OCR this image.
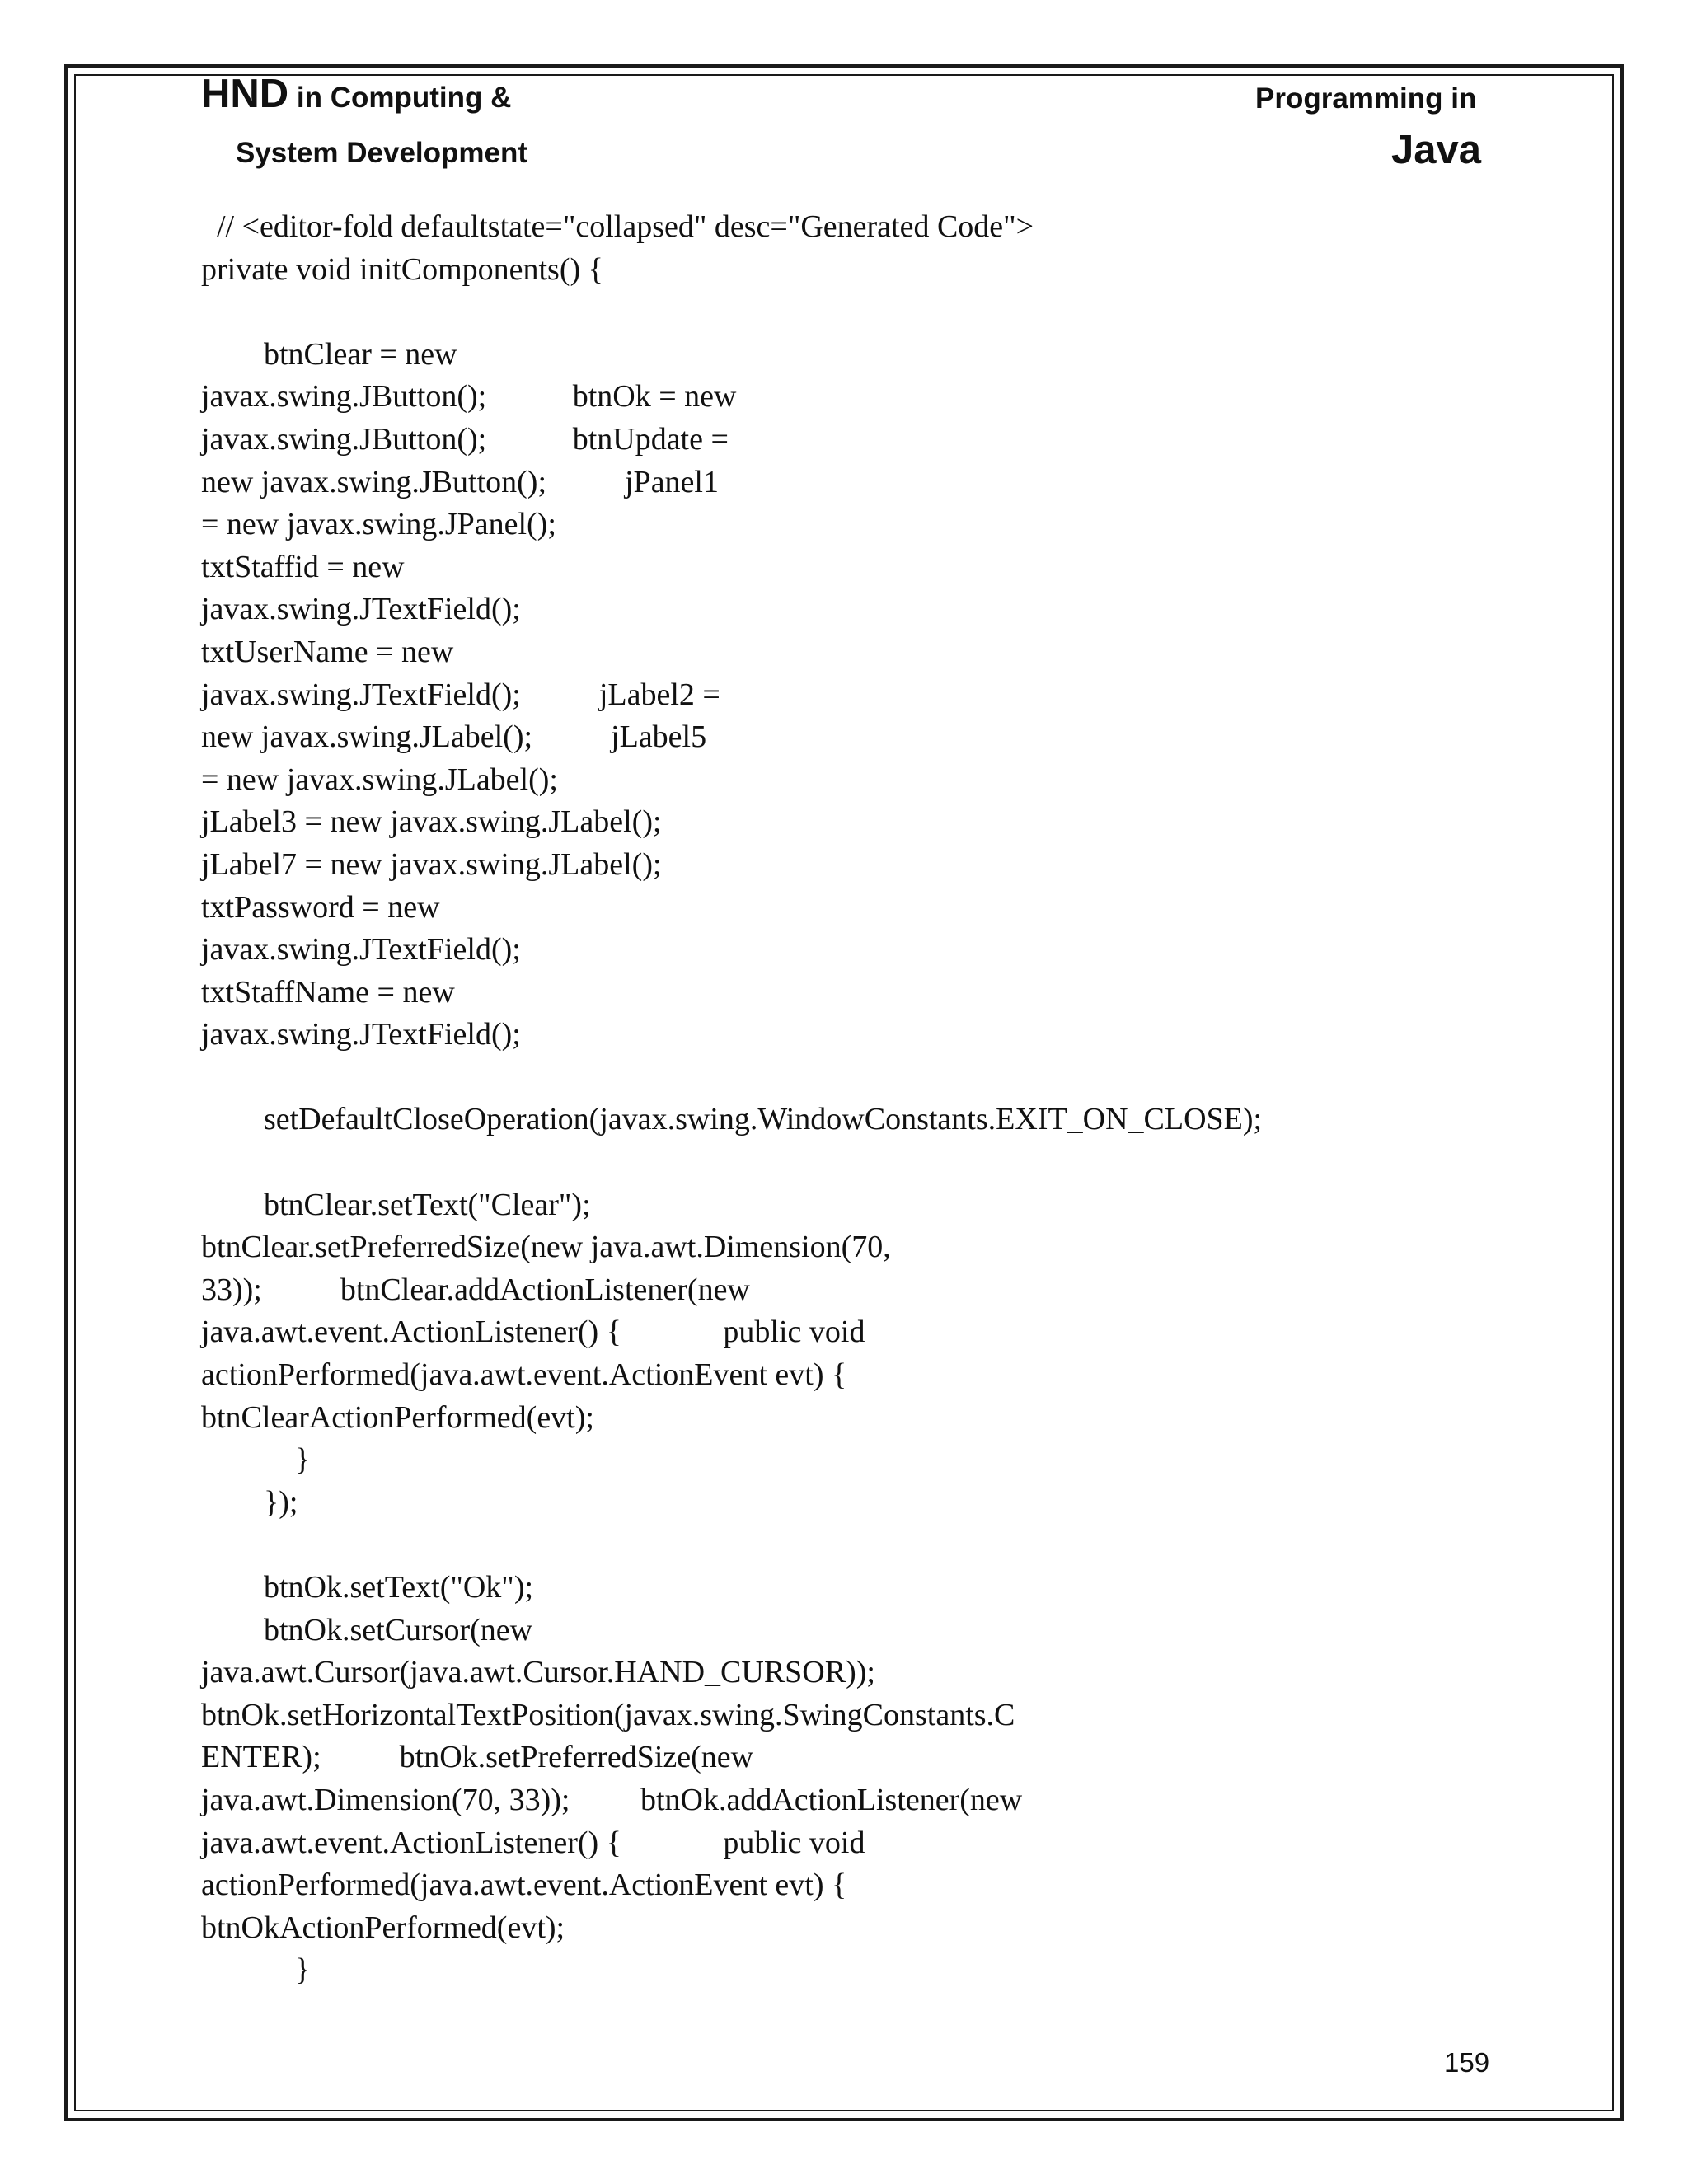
HND in Computing &
System Development
Programming in
Java
// <editor-fold defaultstate="collapsed" desc="Generated Code">
private void initComponents() {
btnClear = new
javax.swing.JButton();           btnOk = new
javax.swing.JButton();           btnUpdate =
new javax.swing.JButton();          jPanel1
= new javax.swing.JPanel();
txtStaffid = new
javax.swing.JTextField();
txtUserName = new
javax.swing.JTextField();          jLabel2 =
new javax.swing.JLabel();          jLabel5
= new javax.swing.JLabel();
jLabel3 = new javax.swing.JLabel();
jLabel7 = new javax.swing.JLabel();
txtPassword = new
javax.swing.JTextField();
txtStaffName = new
javax.swing.JTextField();
setDefaultCloseOperation(javax.swing.WindowConstants.EXIT_ON_CLOSE);
btnClear.setText("Clear");
btnClear.setPreferredSize(new java.awt.Dimension(70,
33));          btnClear.addActionListener(new
java.awt.event.ActionListener() {             public void
actionPerformed(java.awt.event.ActionEvent evt) {
btnClearActionPerformed(evt);
}
});
btnOk.setText("Ok");
btnOk.setCursor(new
java.awt.Cursor(java.awt.Cursor.HAND_CURSOR));
btnOk.setHorizontalTextPosition(javax.swing.SwingConstants.C
ENTER);          btnOk.setPreferredSize(new
java.awt.Dimension(70, 33));         btnOk.addActionListener(new
java.awt.event.ActionListener() {             public void
actionPerformed(java.awt.event.ActionEvent evt) {
btnOkActionPerformed(evt);
}
159
